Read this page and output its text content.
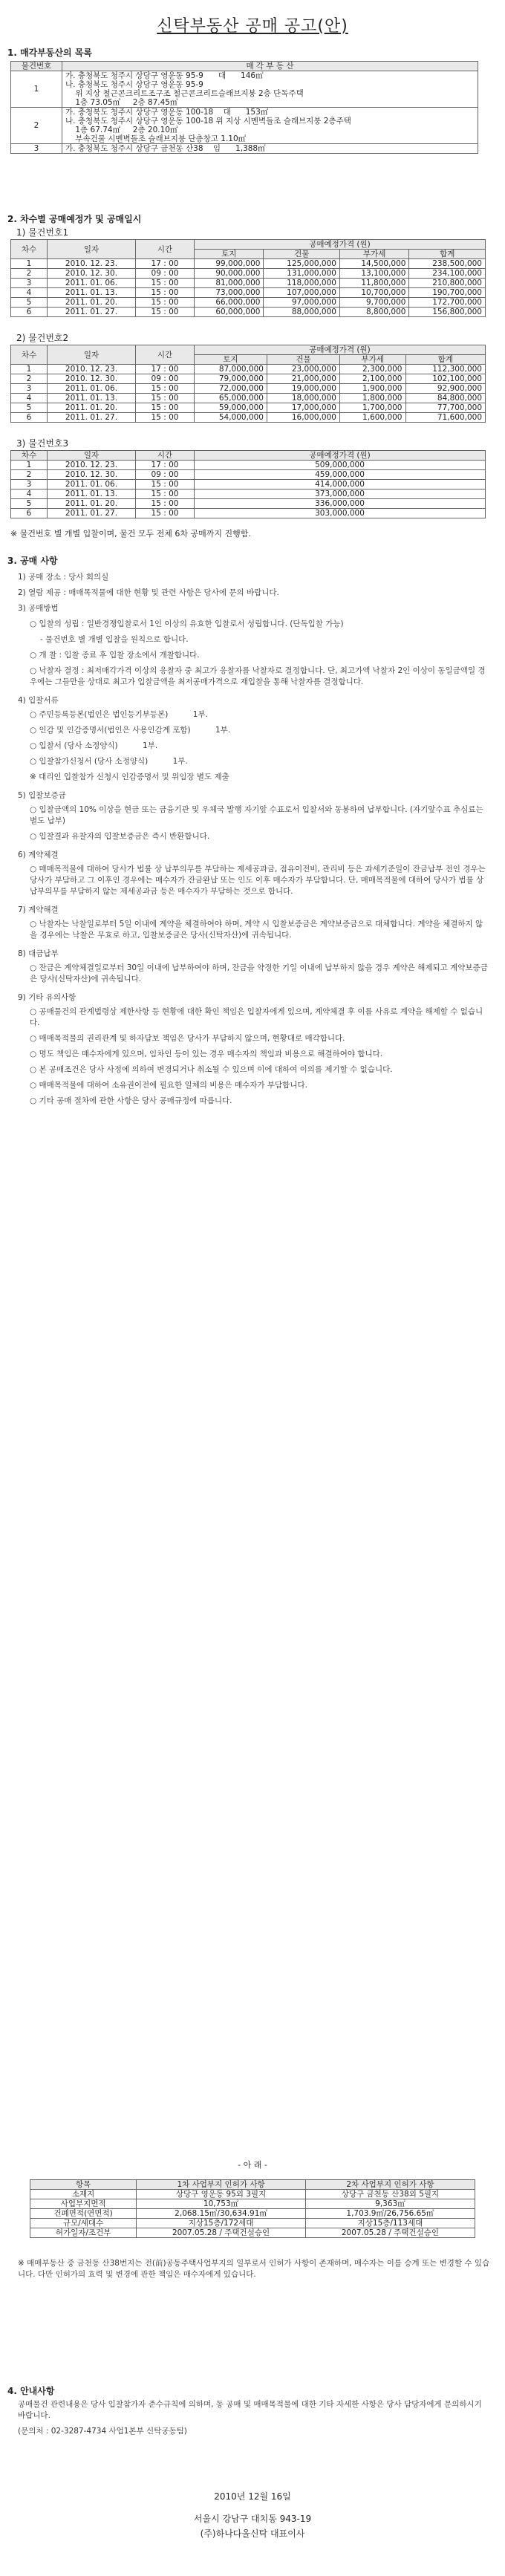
신탁부동산 공매 공고(안)
1. 매각부동산의 목록
물건번호	매 각 부 동 산
1	가. 충청북도 청주시 상당구 영운동 95-9      대      146㎡
나. 충청북도 청주시 상당구 영운동 95-9
위 지상 철근콘크리트조구조 철근콘크리트슬래브지붕 2층 단독주택
1층 73.05㎡     2층 87.45㎡

2	가. 충청북도 청주시 상당구 영운동 100-18    대      153㎡
나. 충청북도 청주시 상당구 영운동 100-18 위 지상 시멘벽돌조 슬래브지붕 2층주택
1층 67.74㎡     2층 20.10㎡
부속건물 시멘벽돌조 슬래브지붕 단층창고 1.10㎡

3	가. 충청북도 청주시 상당구 금천동 산38    임      1,388㎡
2. 차수별 공매예정가 및 공매일시
1) 물건번호1
차수	일자	시간	공매예정가격 (원)			
			토지	건물	부가세	합계
1	2010. 12. 23.	17 : 00	99,000,000	125,000,000	14,500,000	238,500,000
2	2010. 12. 30.	09 : 00	90,000,000	131,000,000	13,100,000	234,100,000
3	2011. 01. 06.	15 : 00	81,000,000	118,000,000	11,800,000	210,800,000
4	2011. 01. 13.	15 : 00	73,000,000	107,000,000	10,700,000	190,700,000
5	2011. 01. 20.	15 : 00	66,000,000	97,000,000	9,700,000	172,700,000
6	2011. 01. 27.	15 : 00	60,000,000	88,000,000	8,800,000	156,800,000
2) 물건번호2
차수	일자	시간	공매예정가격 (원)			
			토지	건물	부가세	합계
1	2010. 12. 23.	17 : 00	87,000,000	23,000,000	2,300,000	112,300,000
2	2010. 12. 30.	09 : 00	79,000,000	21,000,000	2,100,000	102,100,000
3	2011. 01. 06.	15 : 00	72,000,000	19,000,000	1,900,000	92,900,000
4	2011. 01. 13.	15 : 00	65,000,000	18,000,000	1,800,000	84,800,000
5	2011. 01. 20.	15 : 00	59,000,000	17,000,000	1,700,000	77,700,000
6	2011. 01. 27.	15 : 00	54,000,000	16,000,000	1,600,000	71,600,000
3) 물건번호3
차수	일자	시간	공매예정가격 (원)
1	2010. 12. 23.	17 : 00	509,000,000
2	2010. 12. 30.	09 : 00	459,000,000
3	2011. 01. 06.	15 : 00	414,000,000
4	2011. 01. 13.	15 : 00	373,000,000
5	2011. 01. 20.	15 : 00	336,000,000
6	2011. 01. 27.	15 : 00	303,000,000
※ 물건번호 별 개별 입찰이며, 물건 모두 전체 6차 공매까지 진행함.
3. 공매 사항

1) 공매 장소 : 당사 회의실

2) 열람 제공 : 매매목적물에 대한 현황 및 관련 사항은 당사에 문의 바랍니다.

3) 공매방법

○ 입찰의 성립 : 일반경쟁입찰로서 1인 이상의 유효한 입찰로서 성립합니다. (단독입찰 가능)

- 물건번호 별 개별 입찰을 원칙으로 합니다.

○ 개 찰 : 입찰 종료 후 입찰 장소에서 개찰합니다.

○ 낙찰자 결정 : 최저매각가격 이상의 응찰자 중 최고가 응찰자를 낙찰자로 결정합니다. 단, 최고가액 낙찰자 2인 이상이 동일금액일 경우에는 그들만을 상대로 최고가 입찰금액을 최저공매가격으로 재입찰을 통해 낙찰자를 결정합니다.

4) 입찰서류

○ 주민등록등본(법인은 법인등기부등본)          1부.

○ 인감 및 인감증명서(법인은 사용인감계 포함)          1부.

○ 입찰서 (당사 소정양식)          1부.

○ 입찰참가신청서 (당사 소정양식)          1부.

※ 대리인 입찰참가 신청시 인감증명서 및 위임장 별도 제출

5) 입찰보증금

○ 입찰금액의 10% 이상을 현금 또는 금융기관 및 우체국 발행 자기앞 수표로서 입찰서와 동봉하여 납부합니다. (자기앞수표 추심료는 별도 납부)

○ 입찰결과 유찰자의 입찰보증금은 즉시 반환합니다.

6) 계약체결

○ 매매목적물에 대하여 당사가 법률 상 납부의무를 부담하는 제세공과금, 점유이전비, 관리비 등은 과세기준일이 잔금납부 전인 경우는 당사가 부담하고 그 이후인 경우에는 매수자가 잔금완납 또는 인도 이후 매수자가 부담합니다. 단, 매매목적물에 대하여 당사가 법률 상 납부의무를 부담하지 않는 제세공과금 등은 매수자가 부담하는 것으로 합니다.

7) 계약해결

○ 낙찰자는 낙찰일로부터 5일 이내에 계약을 체결하여야 하며, 계약 시 입찰보증금은 계약보증금으로 대체합니다. 계약을 체결하지 않을 경우에는 낙찰은 무효로 하고, 입찰보증금은 당사(신탁자산)에 귀속됩니다.

8) 대금납부

○ 잔금은 계약체결일로부터 30일 이내에 납부하여야 하며, 잔금을 약정한 기일 이내에 납부하지 않을 경우 계약은 해제되고 계약보증금은 당사(신탁자산)에 귀속됩니다.

9) 기타 유의사항

○ 공매물건의 관계법령상 제한사항 등 현황에 대한 확인 책임은 입찰자에게 있으며, 계약체결 후 이를 사유로 계약을 해제할 수 없습니다.

○ 매매목적물의 권리관계 및 하자담보 책임은 당사가 부담하지 않으며, 현황대로 매각합니다.

○ 명도 책임은 매수자에게 있으며, 임차인 등이 있는 경우 매수자의 책임과 비용으로 해결하여야 합니다.

○ 본 공매조건은 당사 사정에 의하여 변경되거나 취소될 수 있으며 이에 대하여 이의를 제기할 수 없습니다.

○ 매매목적물에 대하여 소유권이전에 필요한 일체의 비용은 매수자가 부담합니다.

○ 기타 공매 절차에 관한 사항은 당사 공매규정에 따릅니다.

- 아 래 -
항목	1차 사업부지 인허가 사항	2차 사업부지 인허가 사항
소재지	상당구 영운동 95외 3필지	상당구 금천동 산38외 5필지
사업부지면적	10,753㎡	9,363㎡
건폐면적(연면적)	2,068.15㎡/30,634.91㎡	1,703.9㎡/26,756.65㎡
규모/세대수	지상15층/172세대	지상15층/113세대
허가일자/조건부	2007.05.28 / 주택건설승인	2007.05.28 / 주택건설승인
※ 매매부동산 중 금천동 산38번지는 전(前)공동주택사업부지의 일부로서 인허가 사항이 존재하며, 매수자는 이를 승계 또는 변경할 수 있습니다. 다만 인허가의 효력 및 변경에 관한 책임은 매수자에게 있습니다.
4. 안내사항

공매물건 관련내용은 당사 입찰참가자 준수규칙에 의하며, 동 공매 및 매매목적물에 대한 기타 자세한 사항은 당사 담당자에게 문의하시기 바랍니다.

(문의처 : 02-3287-4734 사업1본부 신탁공동팀)

2010년 12월 16일
서울시 강남구 대치동 943-19
(주)하나다올신탁 대표이사
